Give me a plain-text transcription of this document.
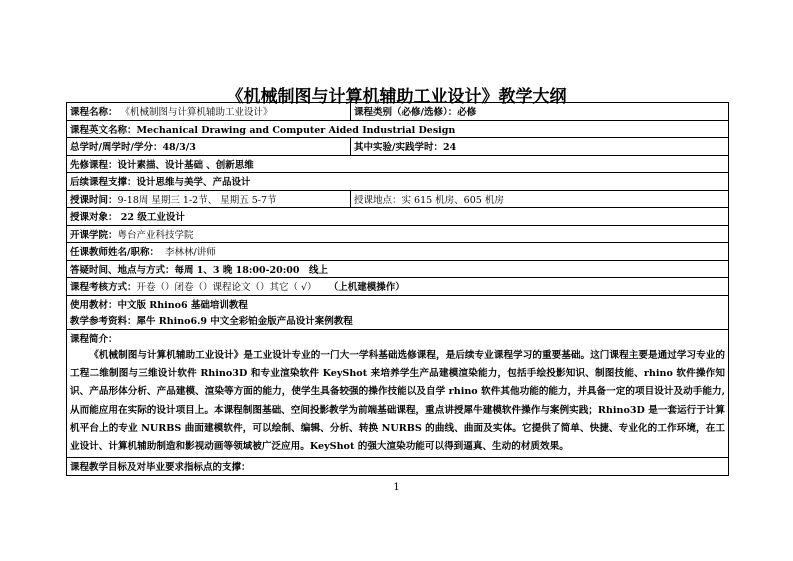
《机械制图与计算机辅助工业设计》教学大纲
课程名称： 《机械制图与计算机辅助工业设计》	课程类别（必修/选修）：必修
课程英文名称：Mechanical Drawing and Computer Aided Industrial Design	
总学时/周学时/学分：48/3/3	其中实验/实践学时：24
先修课程：设计素描、设计基础 、创新思维	
后续课程支撑：设计思维与美学、产品设计	
授课时间：9-18周 星期三 1-2节、 星期五 5-7节	授课地点：实 615 机房、605 机房
授课对象： 22 级工业设计	
开课学院：粤台产业科技学院	
任课教师姓名/职称： 李林林/讲师	
答疑时间、地点与方式：每周 1、3 晚 18:00-20:00　线上	
课程考核方式：开卷（）闭卷（）课程论文（）其它（ √） （上机建模操作）	
使用教材：中文版 Rhino6 基础培训教程	
教学参考资料：犀牛 Rhino6.9 中文全彩铂金版产品设计案例教程	
课程简介：	
《机械制图与计算机辅助工业设计》是工业设计专业的一门大一学科基础选修课程，是后续专业课程学习的重要基础。这门课程主要是通过学习专业的工程二维制图与三维设计软件 Rhino3D 和专业渲染软件 KeyShot 来培养学生产品建模渲染能力，包括手绘投影知识、制图技能、rhino 软件操作知识、产品形体分析、产品建模、渲染等方面的能力，使学生具备较强的操作技能以及自学 rhino 软件其他功能的能力，并具备一定的项目设计及动手能力,从而能应用在实际的设计项目上。本课程制图基础、空间投影教学为前端基础课程，重点讲授犀牛建模软件操作与案例实践；Rhino3D 是一套运行于计算机平台上的专业 NURBS 曲面建模软件，可以绘制、编辑、分析、转换 NURBS 的曲线、曲面及实体。它提供了简单、快捷、专业化的工作环境，在工业设计、计算机辅助制造和影视动画等领域被广泛应用。KeyShot 的强大渲染功能可以得到逼真、生动的材质效果。	
课程教学目标及对毕业要求指标点的支撑：	
1
